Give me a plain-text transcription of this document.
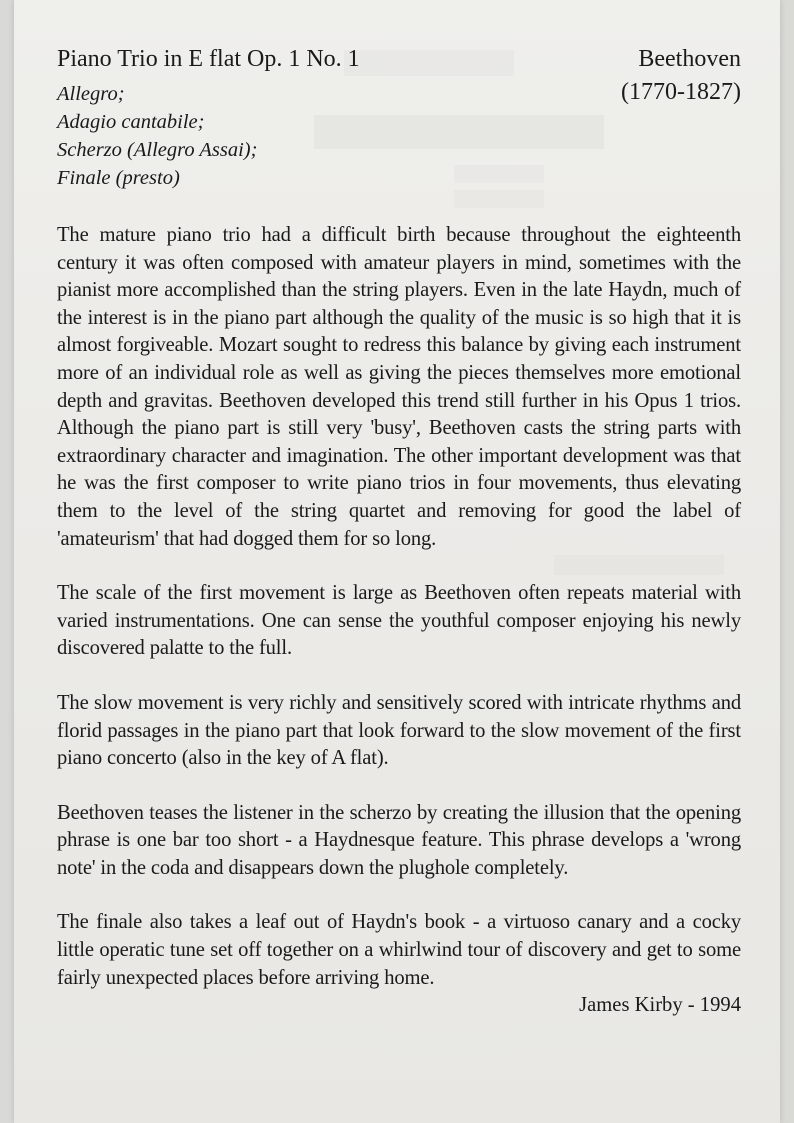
Piano Trio in E flat Op. 1 No. 1	Beethoven
(1770-1827)
Allegro;
Adagio cantabile;
Scherzo (Allegro Assai);
Finale (presto)

The mature piano trio had a difficult birth because throughout the eighteenth century it was often composed with amateur players in mind, sometimes with the pianist more accomplished than the string players. Even in the late Haydn, much of the interest is in the piano part although the quality of the music is so high that it is almost forgiveable. Mozart sought to redress this balance by giving each instrument more of an individual role as well as giving the pieces themselves more emotional depth and gravitas. Beethoven developed this trend still further in his Opus 1 trios. Although the piano part is still very 'busy', Beethoven casts the string parts with extraordinary character and imagination. The other important development was that he was the first composer to write piano trios in four movements, thus elevating them to the level of the string quartet and removing for good the label of 'amateurism' that had dogged them for so long.

The scale of the first movement is large as Beethoven often repeats material with varied instrumentations. One can sense the youthful composer enjoying his newly discovered palatte to the full.

The slow movement is very richly and sensitively scored with intricate rhythms and florid passages in the piano part that look forward to the slow movement of the first piano concerto (also in the key of A flat).

Beethoven teases the listener in the scherzo by creating the illusion that the opening phrase is one bar too short - a Haydnesque feature. This phrase develops a 'wrong note' in the coda and disappears down the plughole completely.

The finale also takes a leaf out of Haydn's book - a virtuoso canary and a cocky little operatic tune set off together on a whirlwind tour of discovery and get to some fairly unexpected places before arriving home.

James Kirby - 1994
